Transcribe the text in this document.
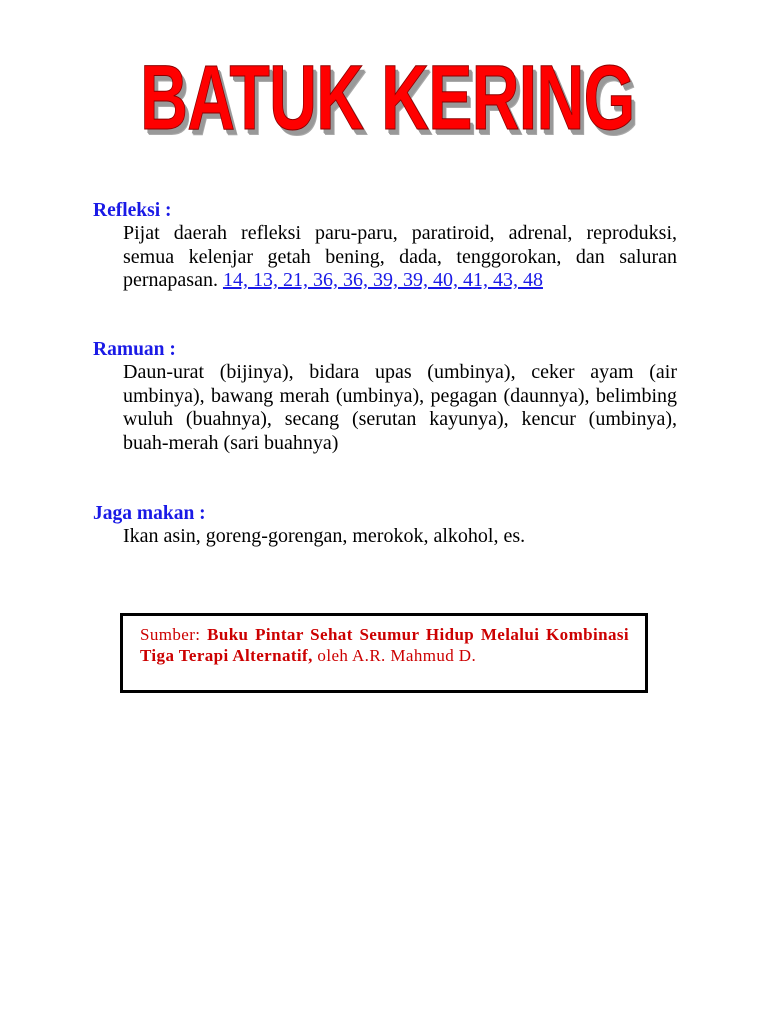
BATUK KERING
Refleksi :
Pijat daerah refleksi paru-paru, paratiroid, adrenal, reproduksi, semua kelenjar getah bening, dada, tenggorokan, dan saluran pernapasan. 14, 13, 21, 36, 36, 39, 39, 40, 41, 43, 48
Ramuan :
Daun-urat (bijinya), bidara upas (umbinya), ceker ayam (air umbinya), bawang merah (umbinya), pegagan (daunnya), belimbing wuluh (buahnya), secang (serutan kayunya), kencur (umbinya), buah-merah (sari buahnya)
Jaga makan :
Ikan asin, goreng-gorengan, merokok, alkohol, es.
Sumber: Buku Pintar Sehat Seumur Hidup Melalui Kombinasi Tiga Terapi Alternatif, oleh A.R. Mahmud D.
